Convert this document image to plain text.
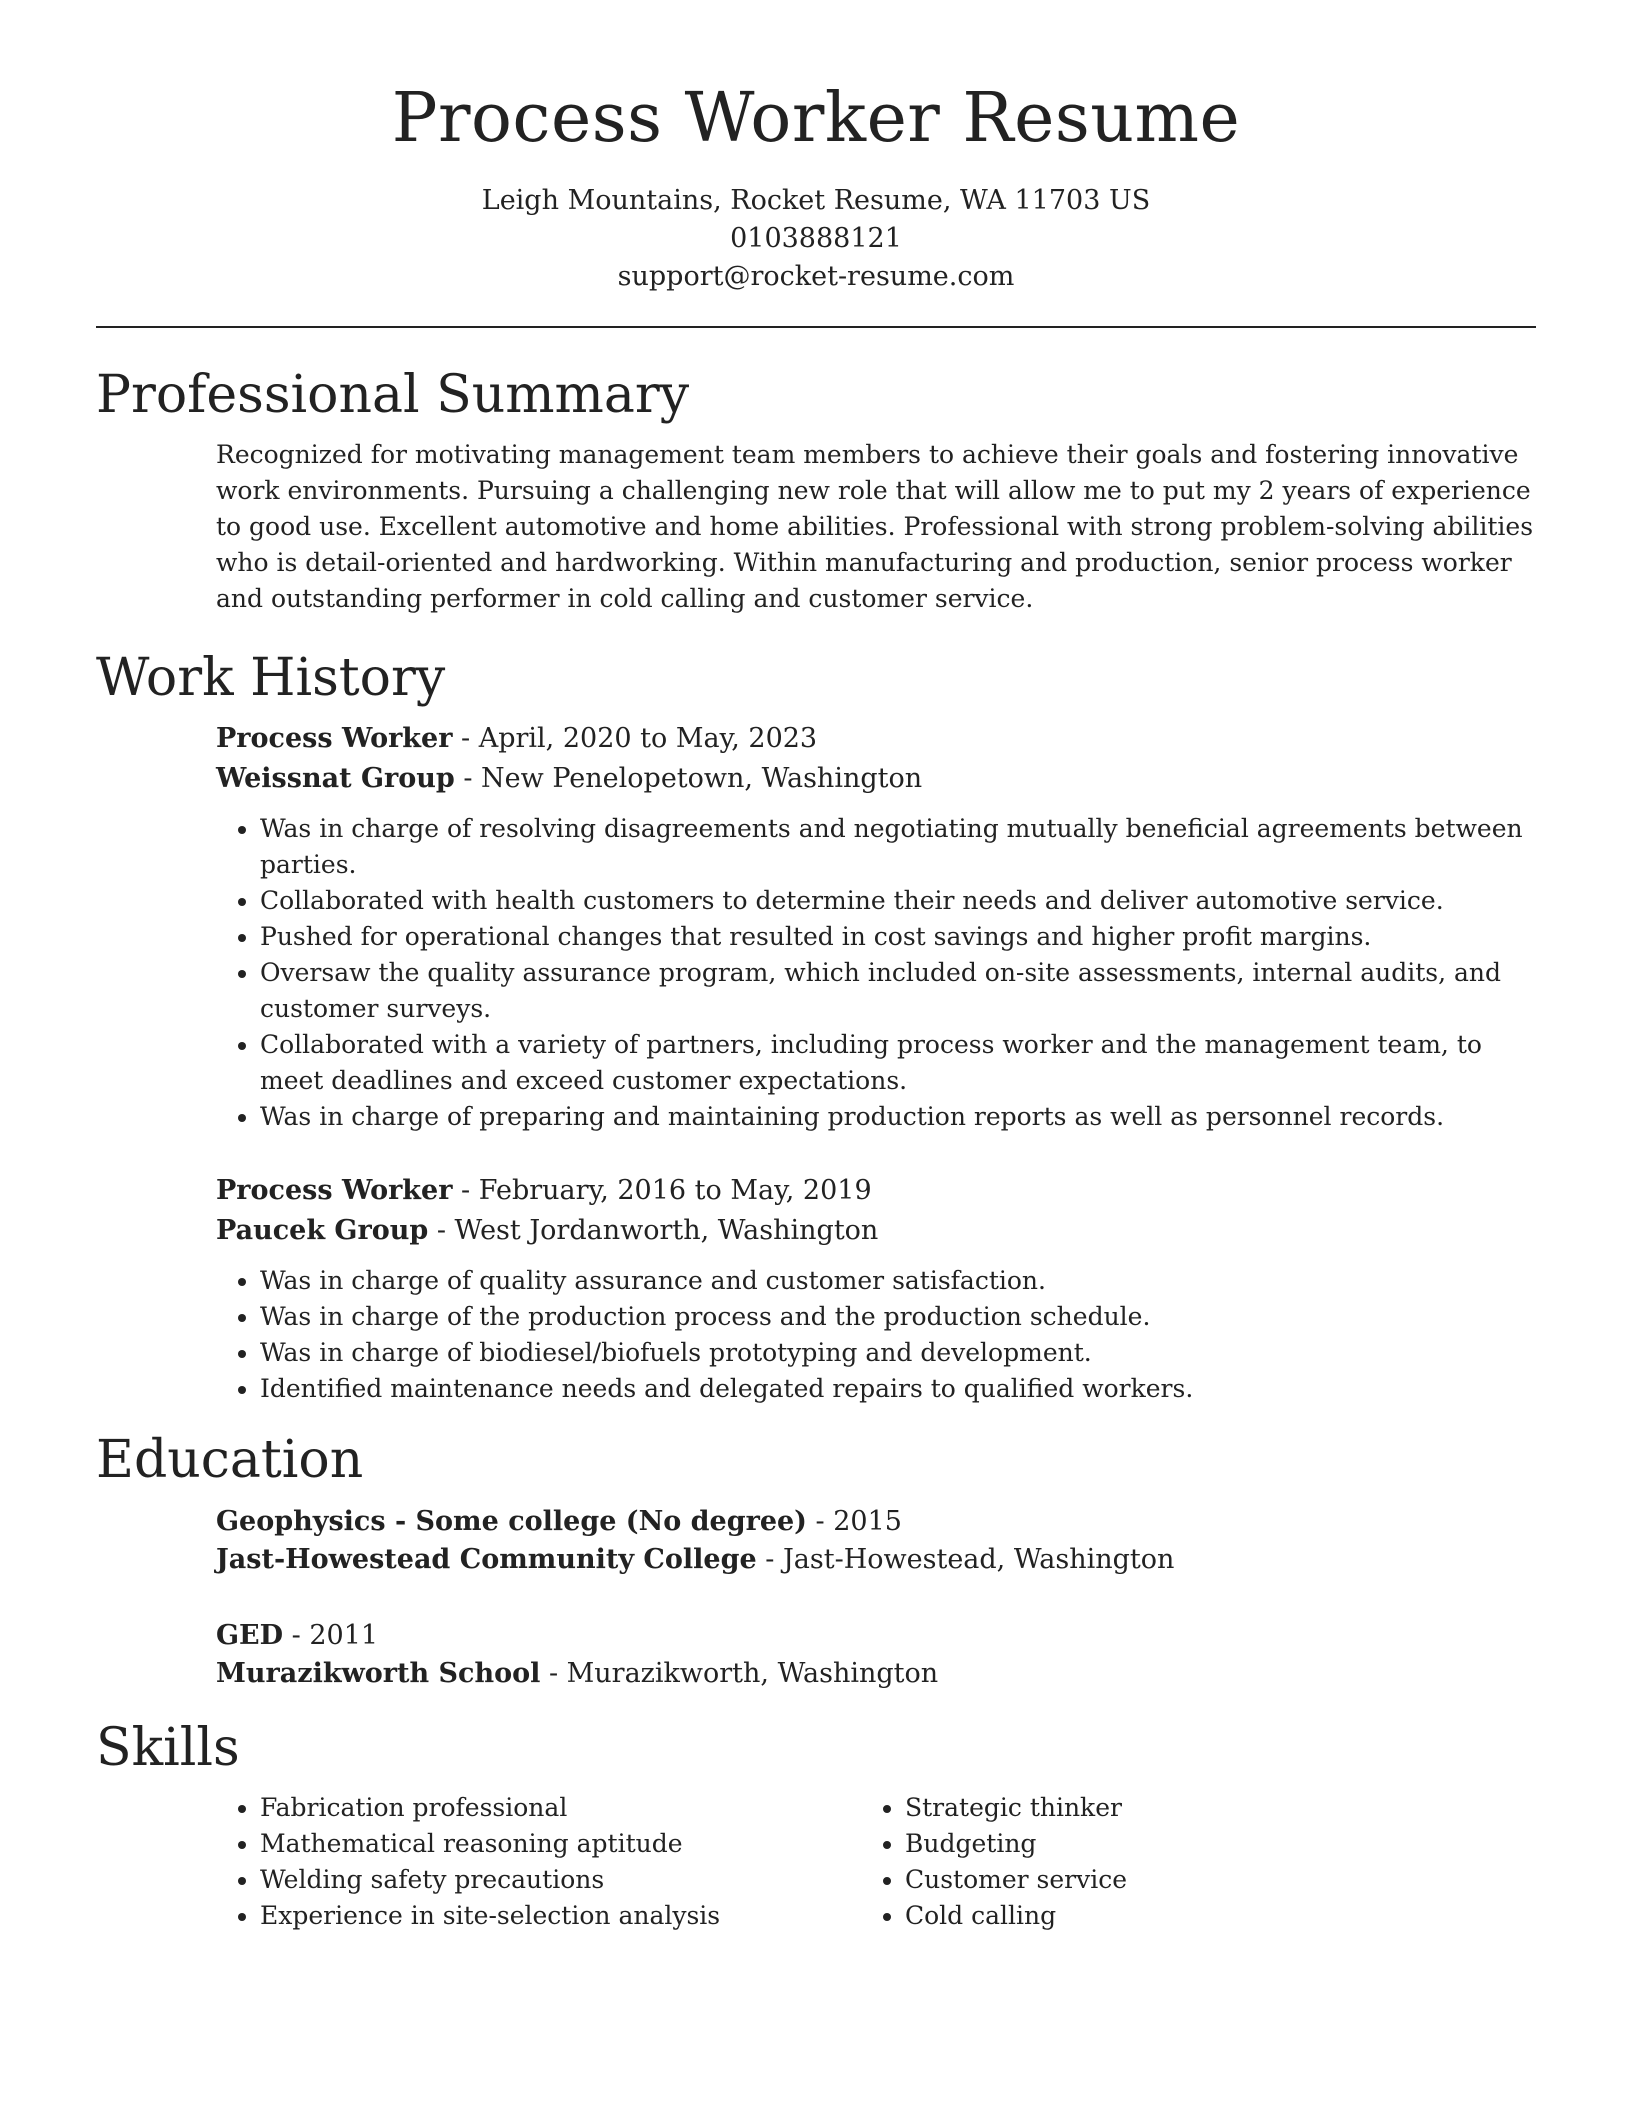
Process Worker Resume
Leigh Mountains, Rocket Resume, WA 11703 US
0103888121
support@rocket-resume.com
Professional Summary

Recognized for motivating management team members to achieve their goals and fostering innovative work environments. Pursuing a challenging new role that will allow me to put my 2 years of experience to good use. Excellent automotive and home abilities. Professional with strong problem-solving abilities who is detail-oriented and hardworking. Within manufacturing and production, senior process worker and outstanding performer in cold calling and customer service.

Work History
Process Worker - April, 2020 to May, 2023
Weissnat Group - New Penelopetown, Washington
• Was in charge of resolving disagreements and negotiating mutually beneficial agreements between parties.
• Collaborated with health customers to determine their needs and deliver automotive service.
• Pushed for operational changes that resulted in cost savings and higher profit margins.
• Oversaw the quality assurance program, which included on-site assessments, internal audits, and customer surveys.
• Collaborated with a variety of partners, including process worker and the management team, to meet deadlines and exceed customer expectations.
• Was in charge of preparing and maintaining production reports as well as personnel records.
Process Worker - February, 2016 to May, 2019
Paucek Group - West Jordanworth, Washington
• Was in charge of quality assurance and customer satisfaction.
• Was in charge of the production process and the production schedule.
• Was in charge of biodiesel/biofuels prototyping and development.
• Identified maintenance needs and delegated repairs to qualified workers.
Education
Geophysics - Some college (No degree) - 2015
Jast-Howestead Community College - Jast-Howestead, Washington
GED - 2011
Murazikworth School - Murazikworth, Washington
Skills
• Fabrication professional
• Mathematical reasoning aptitude
• Welding safety precautions
• Experience in site-selection analysis
• Strategic thinker
• Budgeting
• Customer service
• Cold calling
